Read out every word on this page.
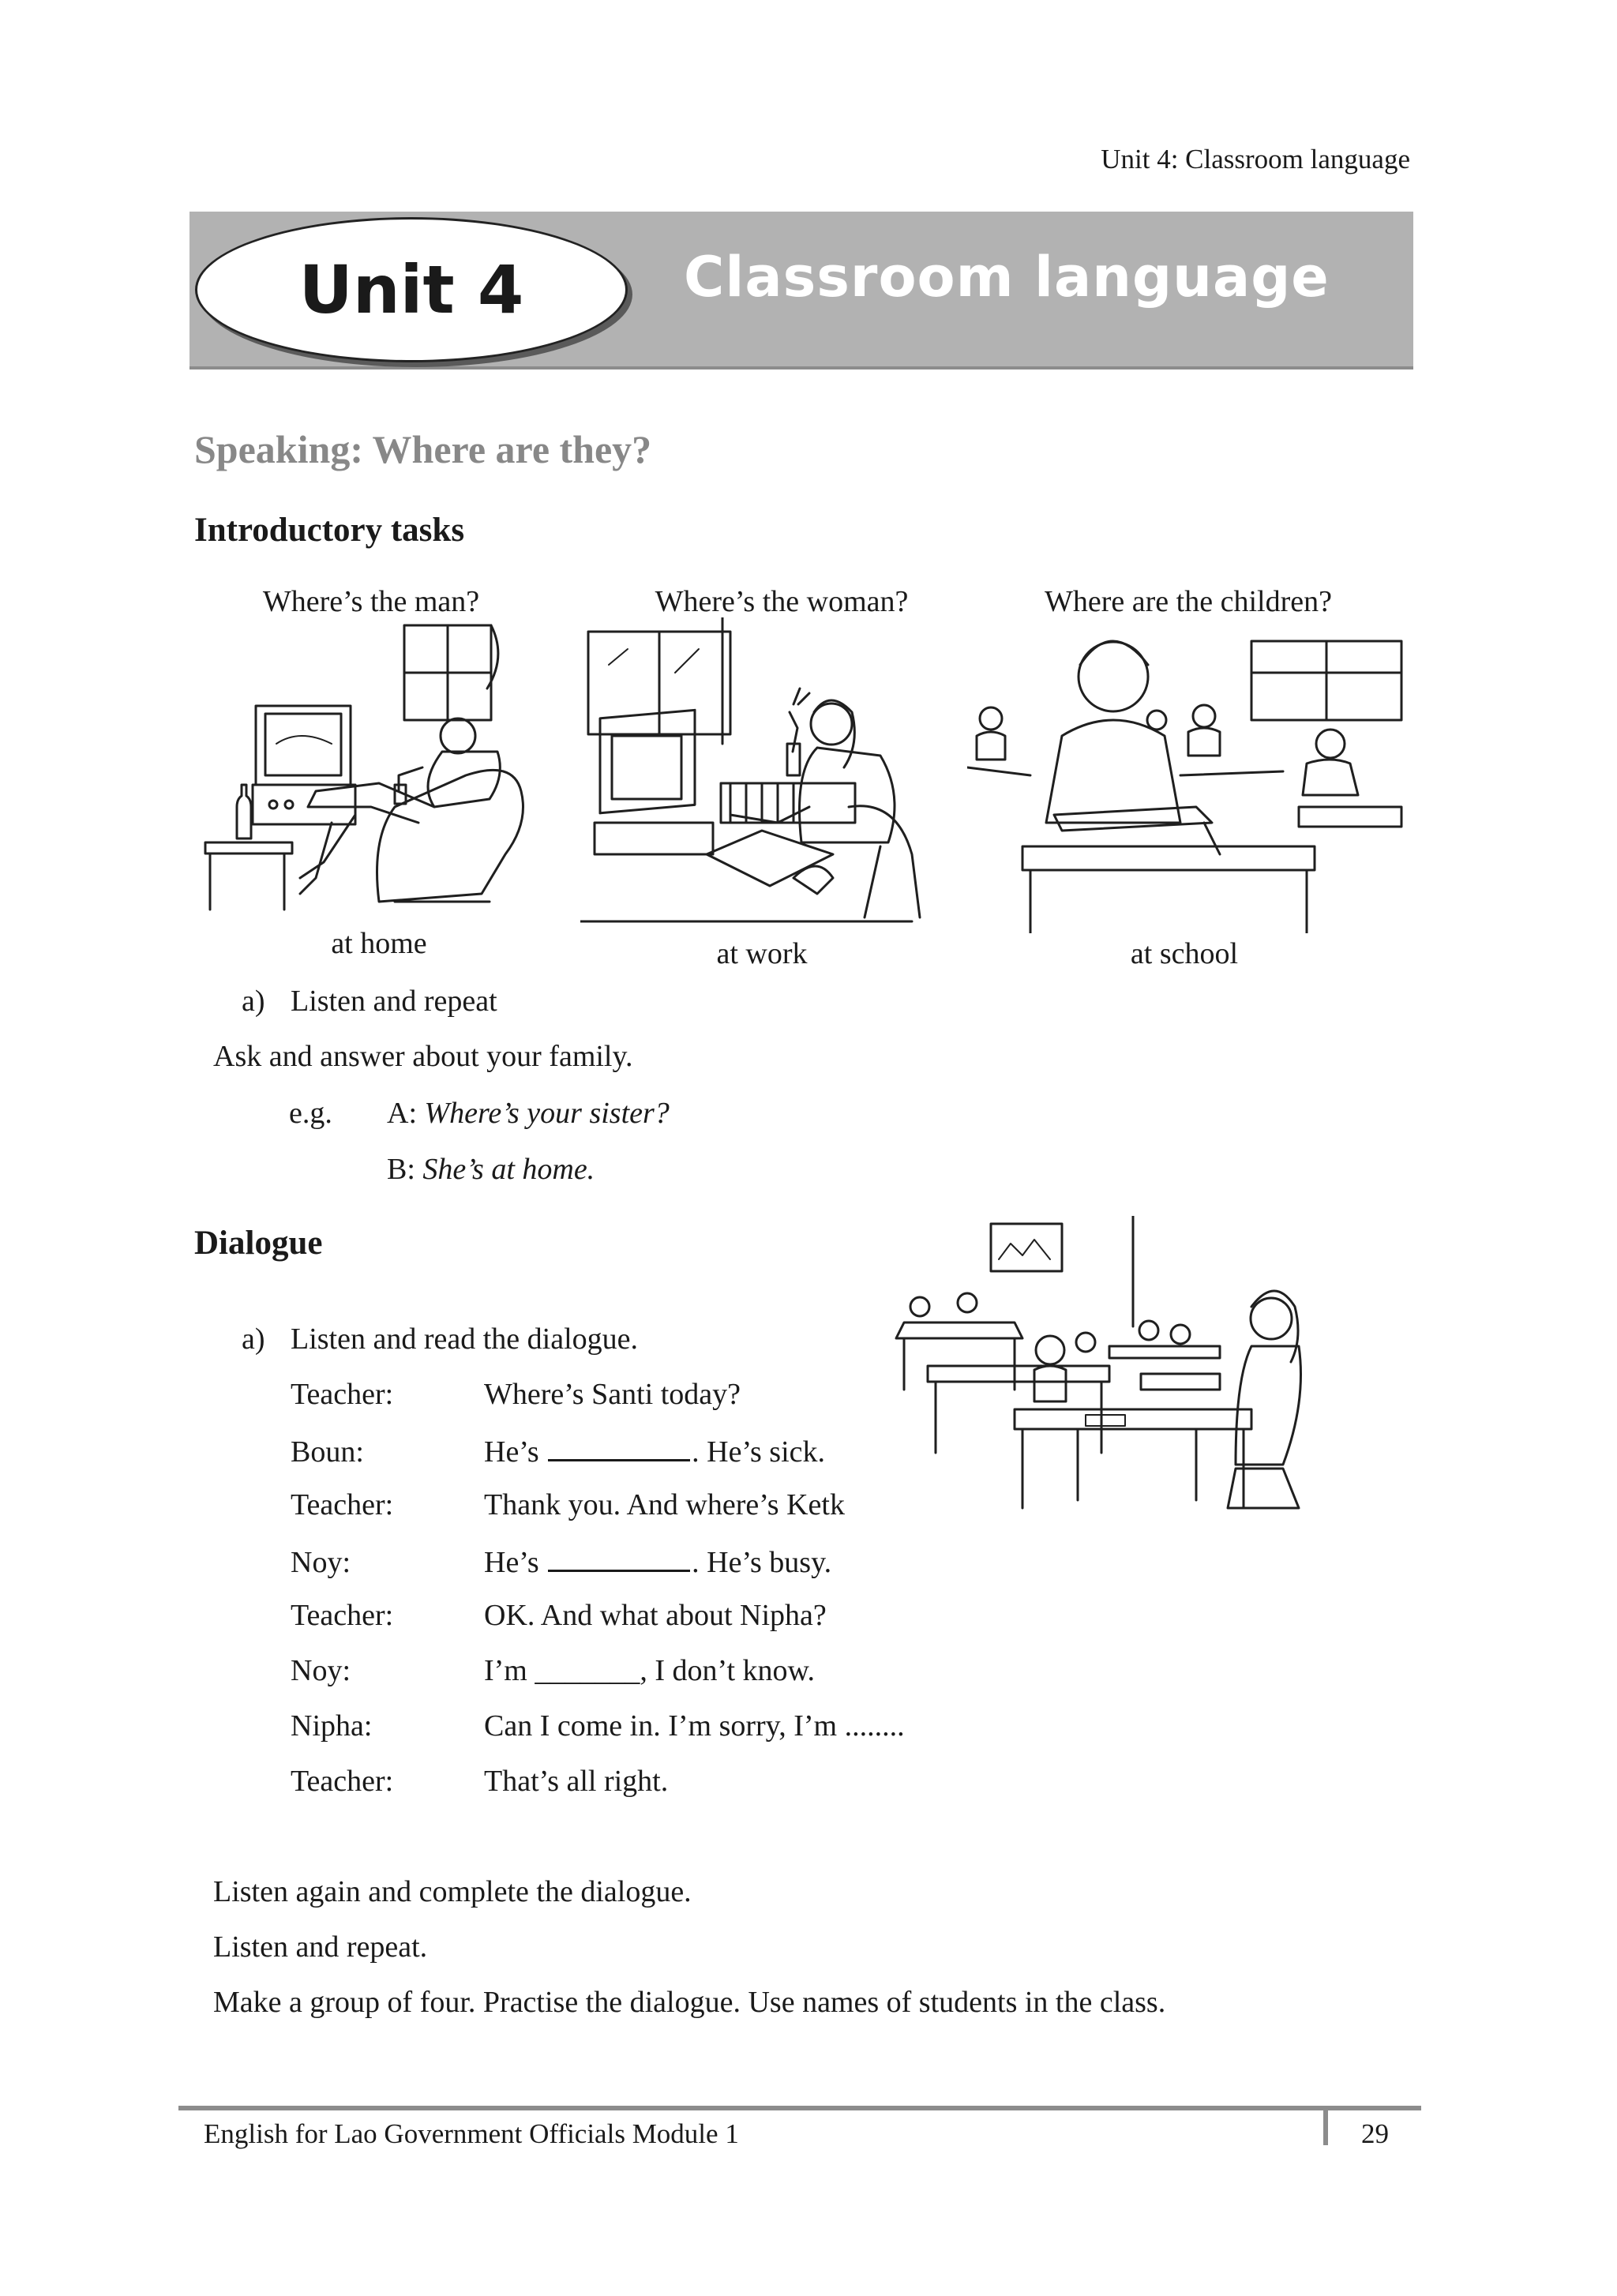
Unit 4: Classroom language
Unit 4	Classroom language
Speaking: Where are they?
Introductory tasks
Where’s the man?	Where’s the woman?	Where are the children?
at home	at work	at school
a) Listen and repeat
Ask and answer about your family.
e.g. A: Where’s your sister?
B: She’s at home.
Dialogue
a) Listen and read the dialogue.
Teacher:	Where’s Santi today?
Boun:	He’s	. He’s sick.
Teacher:	Thank you. And where’s Ketk
Noy:	He’s	. He’s busy.
Teacher:	OK. And what about Nipha?
Noy:	I’m _______, I don’t know.
Nipha:	Can I come in. I’m sorry, I’m ........
Teacher:	That’s all right.
Listen again and complete the dialogue.
Listen and repeat.
Make a group of four. Practise the dialogue. Use names of students in the class.
English for Lao Government Officials Module 1	29
